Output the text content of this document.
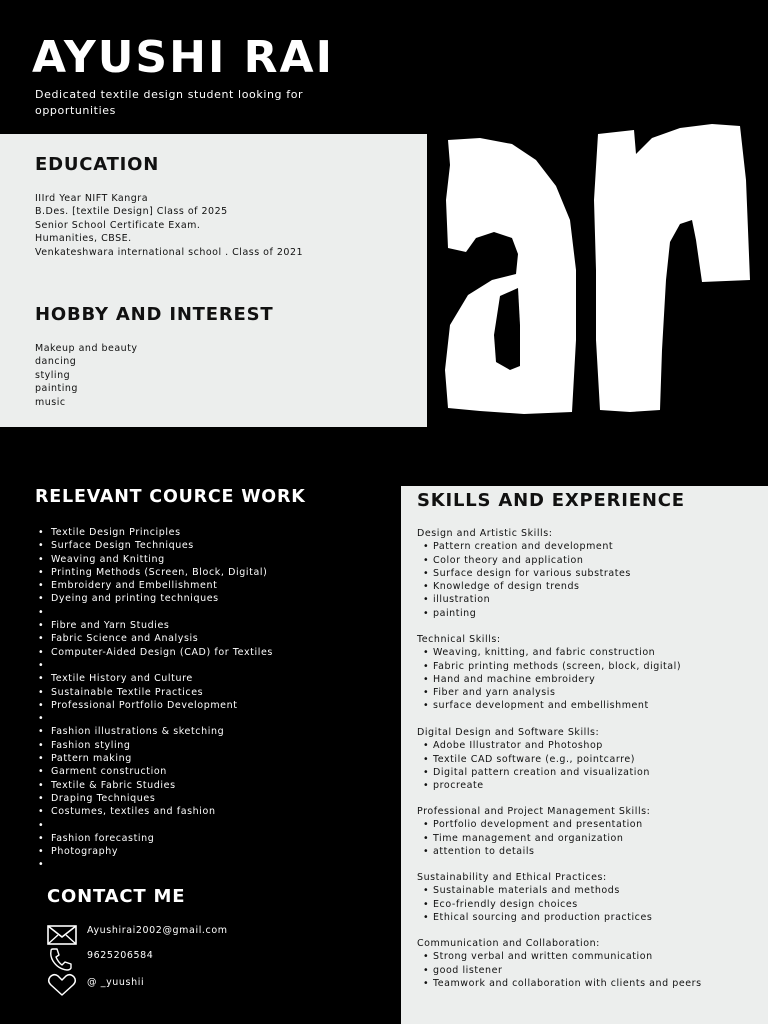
AYUSHI RAI
Dedicated textile design student looking for opportunities
EDUCATION
IIIrd Year NIFT Kangra
B.Des. [textile Design] Class of 2025
Senior School Certificate Exam.
Humanities, CBSE.
Venkateshwara international school . Class of 2021
HOBBY AND INTEREST
Makeup and beauty
dancing
styling
painting
music
RELEVANT COURCE WORK
• Textile Design Principles
• Surface Design Techniques
• Weaving and Knitting
• Printing Methods (Screen, Block, Digital)
• Embroidery and Embellishment
• Dyeing and printing techniques
•
• Fibre and Yarn Studies
• Fabric Science and Analysis
• Computer-Aided Design (CAD) for Textiles
•
• Textile History and Culture
• Sustainable Textile Practices
• Professional Portfolio Development
•
• Fashion illustrations & sketching
• Fashion styling
• Pattern making
• Garment construction
• Textile & Fabric Studies
• Draping Techniques
• Costumes, textiles and fashion
•
• Fashion forecasting
• Photography
•
CONTACT ME
Ayushirai2002@gmail.com
9625206584
@ _yuushii
SKILLS AND EXPERIENCE
Design and Artistic Skills:
• Pattern creation and development
• Color theory and application
• Surface design for various substrates
• Knowledge of design trends
• illustration
• painting
Technical Skills:
• Weaving, knitting, and fabric construction
• Fabric printing methods (screen, block, digital)
• Hand and machine embroidery
• Fiber and yarn analysis
• surface development and embellishment
Digital Design and Software Skills:
• Adobe Illustrator and Photoshop
• Textile CAD software (e.g., pointcarre)
• Digital pattern creation and visualization
• procreate
Professional and Project Management Skills:
• Portfolio development and presentation
• Time management and organization
• attention to details
Sustainability and Ethical Practices:
• Sustainable materials and methods
• Eco-friendly design choices
• Ethical sourcing and production practices
Communication and Collaboration:
• Strong verbal and written communication
• good listener
• Teamwork and collaboration with clients and peers
